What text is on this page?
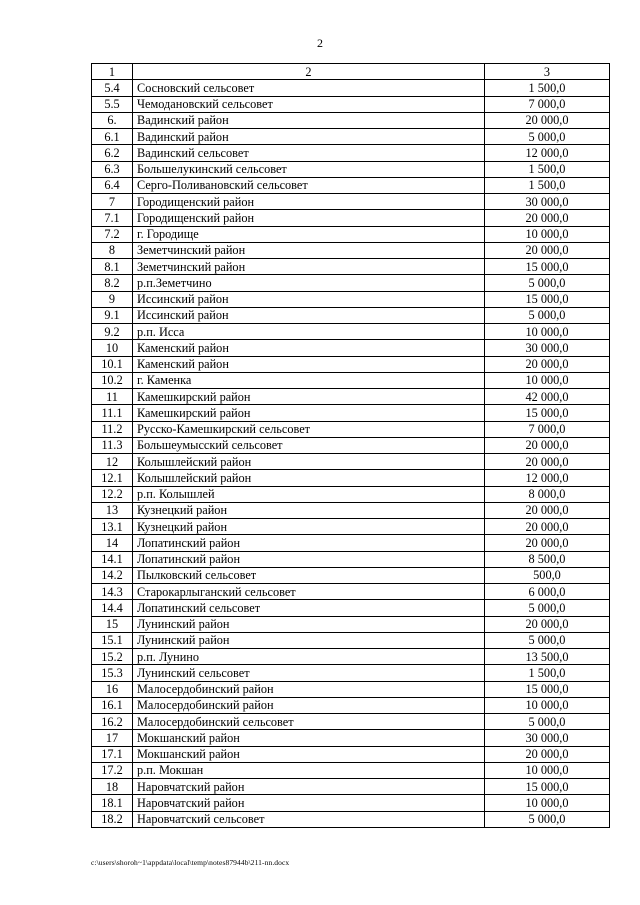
2
1	2	3
5.4	Сосновский сельсовет	1 500,0
5.5	Чемодановский сельсовет	7 000,0
6.	Вадинский район	20 000,0
6.1	Вадинский район	5 000,0
6.2	Вадинский сельсовет	12 000,0
6.3	Большелукинский сельсовет	1 500,0
6.4	Серго-Поливановский сельсовет	1 500,0
7	Городищенский район	30 000,0
7.1	Городищенский район	20 000,0
7.2	г. Городище	10 000,0
8	Земетчинский район	20 000,0
8.1	Земетчинский район	15 000,0
8.2	р.п.Земетчино	5 000,0
9	Иссинский район	15 000,0
9.1	Иссинский район	5 000,0
9.2	р.п. Исса	10 000,0
10	Каменский район	30 000,0
10.1	Каменский район	20 000,0
10.2	г. Каменка	10 000,0
11	Камешкирский район	42 000,0
11.1	Камешкирский район	15 000,0
11.2	Русско-Камешкирский сельсовет	7 000,0
11.3	Большеумысский сельсовет	20 000,0
12	Колышлейский район	20 000,0
12.1	Колышлейский район	12 000,0
12.2	р.п. Колышлей	8 000,0
13	Кузнецкий район	20 000,0
13.1	Кузнецкий район	20 000,0
14	Лопатинский район	20 000,0
14.1	Лопатинский район	8 500,0
14.2	Пылковский сельсовет	500,0
14.3	Старокарлыганский сельсовет	6 000,0
14.4	Лопатинский сельсовет	5 000,0
15	Лунинский район	20 000,0
15.1	Лунинский район	5 000,0
15.2	р.п. Лунино	13 500,0
15.3	Лунинский сельсовет	1 500,0
16	Малосердобинский район	15 000,0
16.1	Малосердобинский район	10 000,0
16.2	Малосердобинский сельсовет	5 000,0
17	Мокшанский район	30 000,0
17.1	Мокшанский район	20 000,0
17.2	р.п. Мокшан	10 000,0
18	Наровчатский район	15 000,0
18.1	Наровчатский район	10 000,0
18.2	Наровчатский сельсовет	5 000,0
c:\users\shoroh~1\appdata\local\temp\notes87944b\211-nn.docx
